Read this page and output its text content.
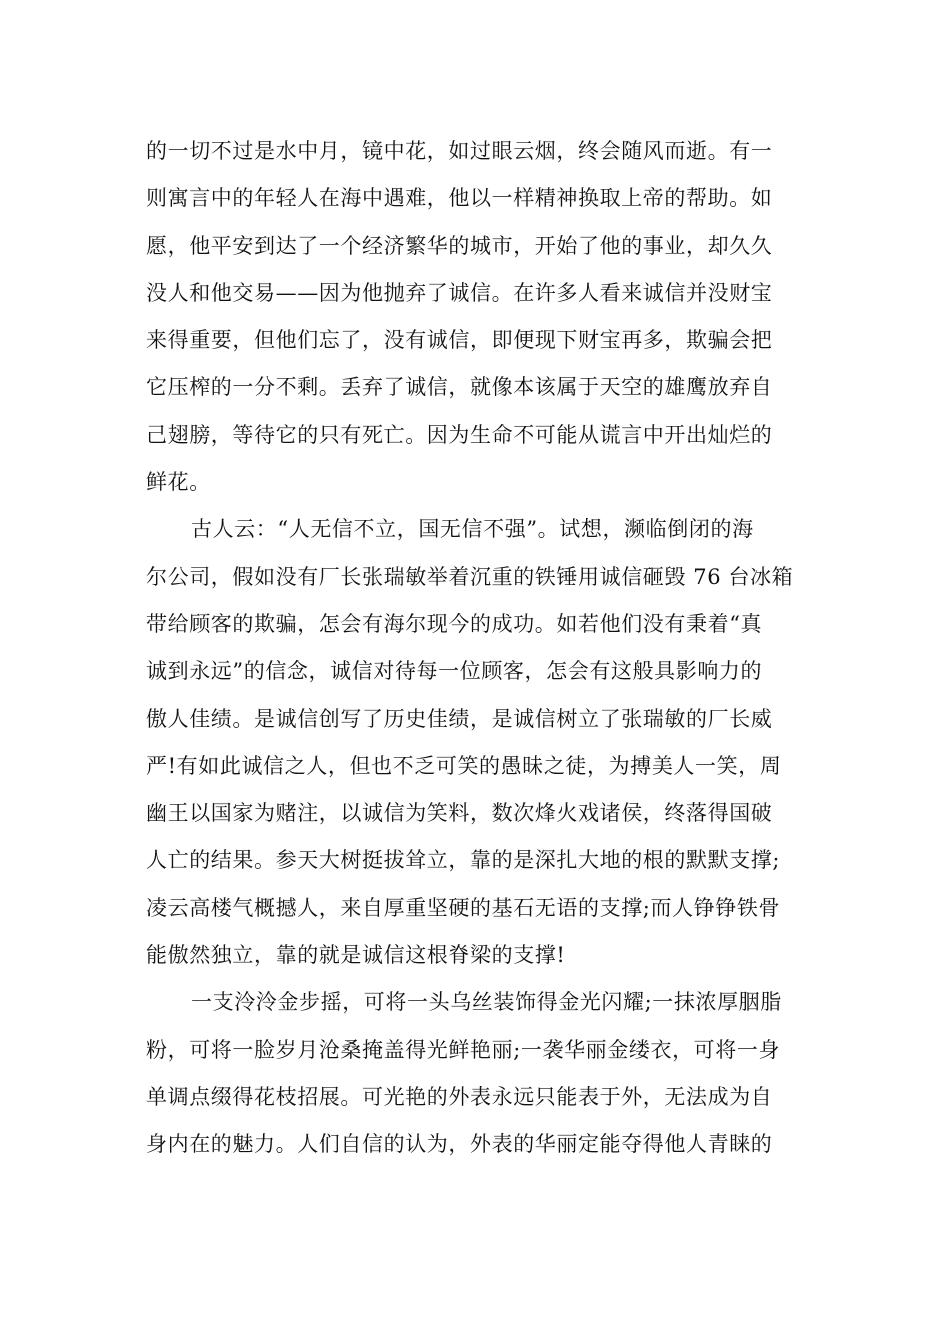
的一切不过是水中月，镜中花，如过眼云烟，终会随风而逝。有一
则寓言中的年轻人在海中遇难，他以一样精神换取上帝的帮助。如
愿，他平安到达了一个经济繁华的城市，开始了他的事业，却久久
没人和他交易——因为他抛弃了诚信。在许多人看来诚信并没财宝
来得重要，但他们忘了，没有诚信，即便现下财宝再多，欺骗会把
它压榨的一分不剩。丢弃了诚信，就像本该属于天空的雄鹰放弃自
己翅膀，等待它的只有死亡。因为生命不可能从谎言中开出灿烂的
鲜花。
古人云：“人无信不立，国无信不强”。试想，濒临倒闭的海
尔公司，假如没有厂长张瑞敏举着沉重的铁锤用诚信砸毁 76 台冰箱
带给顾客的欺骗，怎会有海尔现今的成功。如若他们没有秉着“真
诚到永远”的信念，诚信对待每一位顾客，怎会有这般具影响力的
傲人佳绩。是诚信创写了历史佳绩，是诚信树立了张瑞敏的厂长威
严!有如此诚信之人，但也不乏可笑的愚昧之徒，为搏美人一笑，周
幽王以国家为赌注，以诚信为笑料，数次烽火戏诸侯，终落得国破
人亡的结果。参天大树挺拔耸立，靠的是深扎大地的根的默默支撑;
凌云高楼气概撼人，来自厚重坚硬的基石无语的支撑;而人铮铮铁骨
能傲然独立，靠的就是诚信这根脊梁的支撑!
一支泠泠金步摇，可将一头乌丝装饰得金光闪耀;一抹浓厚胭脂
粉，可将一脸岁月沧桑掩盖得光鲜艳丽;一袭华丽金缕衣，可将一身
单调点缀得花枝招展。可光艳的外表永远只能表于外，无法成为自
身内在的魅力。人们自信的认为，外表的华丽定能夺得他人青睐的
